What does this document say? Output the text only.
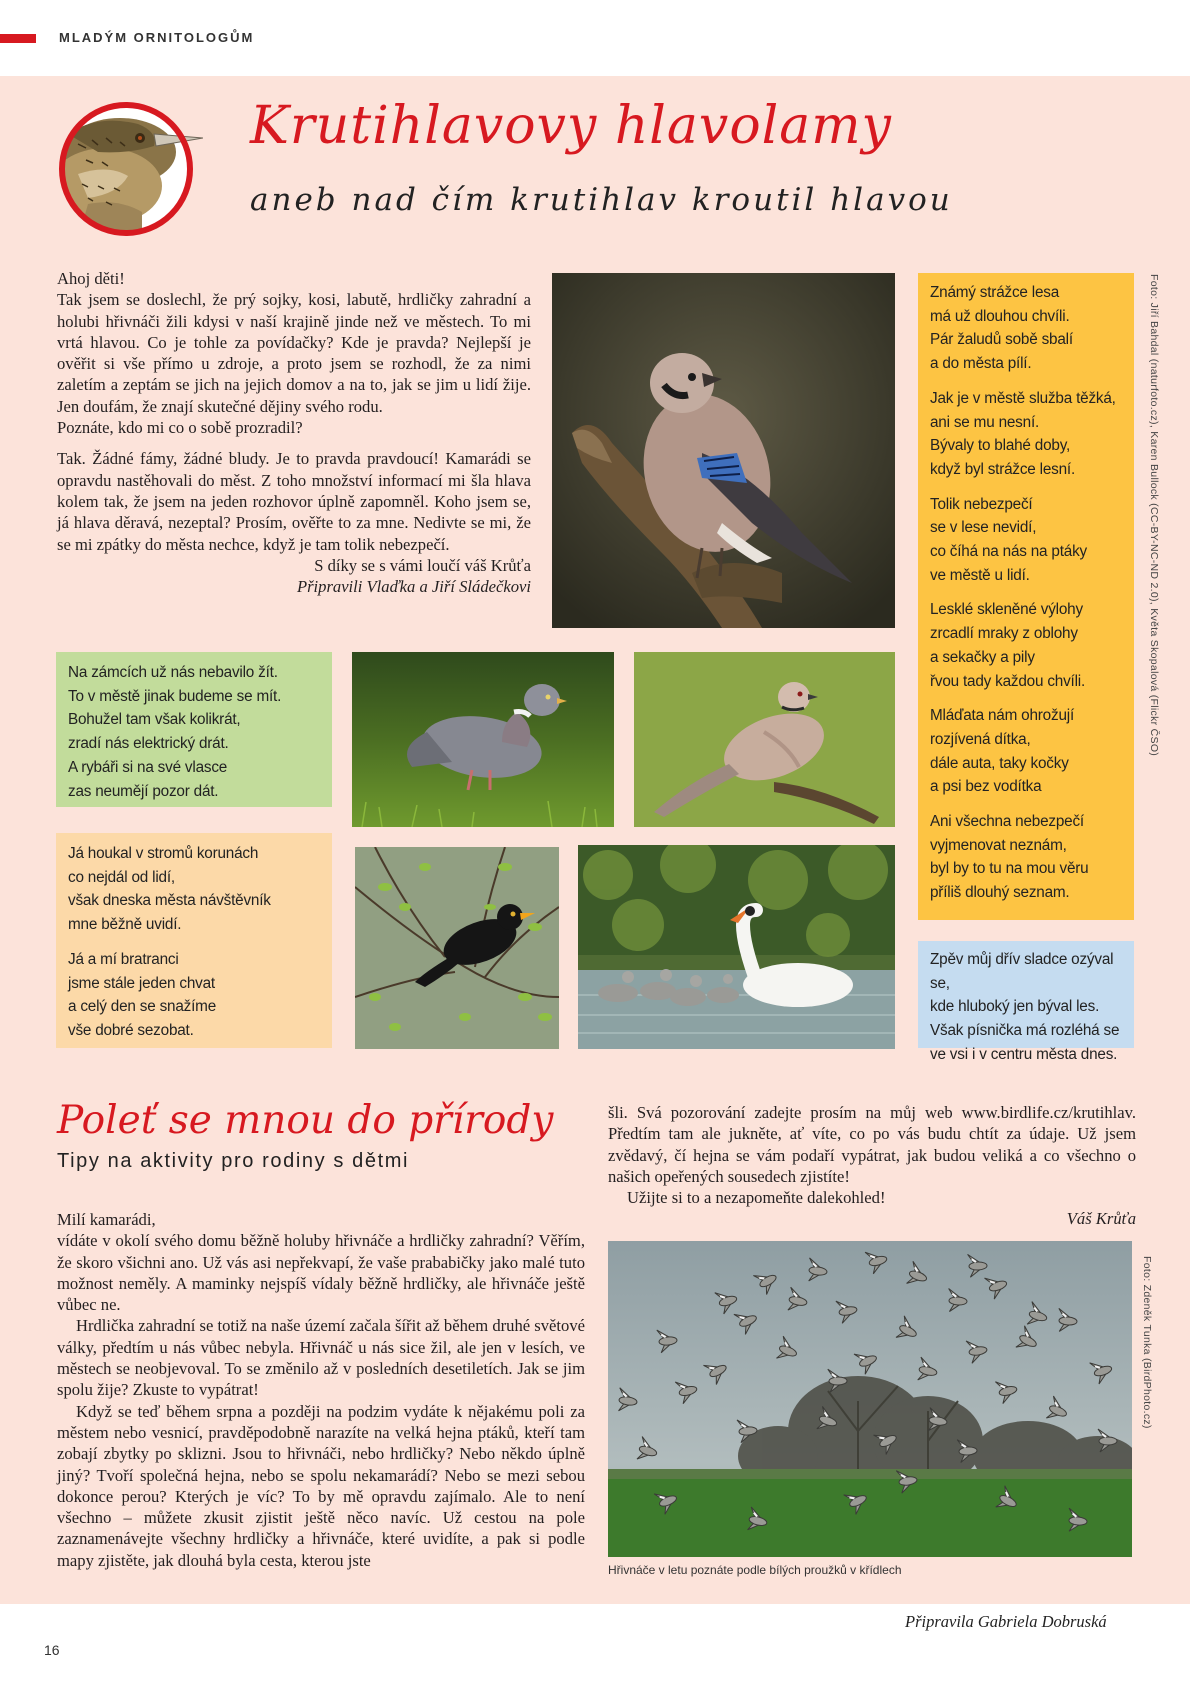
MLADÝM ORNITOLOGŮM
Krutihlavovy hlavolamy
aneb nad čím krutihlav kroutil hlavou

Ahoj děti!

Tak jsem se doslechl, že prý sojky, kosi, labutě, hrdličky zahradní a holubi hřivnáči žili kdysi v naší krajině jinde než ve městech. To mi vrtá hlavou. Co je tohle za povídačky? Kde je pravda? Nejlepší je ověřit si vše přímo u zdroje, a proto jsem se rozhodl, že za nimi zaletím a zeptám se jich na jejich domov a na to, jak se jim u lidí žije. Jen doufám, že znají skutečné dějiny svého rodu.

Poznáte, kdo mi co o sobě prozradil?

Tak. Žádné fámy, žádné bludy. Je to pravda pravdoucí! Kamarádi se opravdu nastěhovali do měst. Z toho množství informací mi šla hlava kolem tak, že jsem na jeden rozhovor úplně zapomněl. Koho jsem se, já hlava děravá, nezeptal? Prosím, ověřte to za mne. Nedivte se mi, že se mi zpátky do města nechce, když je tam tolik nebezpečí.

S díky se s vámi loučí váš Krůťa

Připravili Vlaďka a Jiří Sládečkovi

Známý strážce lesa
má už dlouhou chvíli.
Pár žaludů sobě sbalí
a do města pílí.

Jak je v městě služba těžká,
ani se mu nesní.
Bývaly to blahé doby,
když byl strážce lesní.

Tolik nebezpečí
se v lese nevidí,
co číhá na nás na ptáky
ve městě u lidí.

Lesklé skleněné výlohy
zrcadlí mraky z oblohy
a sekačky a pily
řvou tady každou chvíli.

Mláďata nám ohrožují
rozjívená dítka,
dále auta, taky kočky
a psi bez vodítka

Ani všechna nebezpečí
vyjmenovat neznám,
byl by to tu na mou věru
příliš dlouhý seznam.

Foto: Jiří Bahdal (naturfoto.cz), Karen Bullock (CC-BY-NC-ND 2.0), Květa Skopalová (Flickr ČSO)

Na zámcích už nás nebavilo žít.
To v městě jinak budeme se mít.
Bohužel tam však kolikrát,
zradí nás elektrický drát.
A rybáři si na své vlasce
zas neumějí pozor dát.

Já houkal v stromů korunách
co nejdál od lidí,
však dneska města návštěvník
mne běžně uvidí.

Já a mí bratranci
jsme stále jeden chvat
a celý den se snažíme
vše dobré sezobat.

Zpěv můj dřív sladce ozýval se,
kde hluboký jen býval les.
Však písnička má rozléhá se
ve vsi i v centru města dnes.

Poleť se mnou do přírody
Tipy na aktivity pro rodiny s dětmi

Milí kamarádi,

vídáte v okolí svého domu běžně holuby hřivnáče a hrdličky zahradní? Věřím, že skoro všichni ano. Už vás asi nepřekvapí, že vaše prababičky jako malé tuto možnost neměly. A maminky nejspíš vídaly běžně hrdličky, ale hřivnáče ještě vůbec ne.

Hrdlička zahradní se totiž na naše území začala šířit až během druhé světové války, předtím u nás vůbec nebyla. Hřivnáč u nás sice žil, ale jen v lesích, ve městech se neobjevoval. To se změnilo až v posledních desetiletích. Jak se jim spolu žije? Zkuste to vypátrat!

Když se teď během srpna a později na podzim vydáte k nějakému poli za městem nebo vesnicí, pravděpodobně narazíte na velká hejna ptáků, kteří tam zobají zbytky po sklizni. Jsou to hřivnáči, nebo hrdličky? Nebo někdo úplně jiný? Tvoří společná hejna, nebo se spolu nekamarádí? Nebo se mezi sebou dokonce perou? Kterých je víc? To by mě opravdu zajímalo. Ale to není všechno – můžete zkusit zjistit ještě něco navíc. Už cestou na pole zaznamenávejte všechny hrdličky a hřivnáče, které uvidíte, a pak si podle mapy zjistěte, jak dlouhá byla cesta, kterou jste

šli. Svá pozorování zadejte prosím na můj web www.birdlife.cz/krutihlav. Předtím tam ale jukněte, ať víte, co po vás budu chtít za údaje. Už jsem zvědavý, čí hejna se vám podaří vypátrat, jak budou veliká a co všechno o našich opeřených sousedech zjistíte!

Užijte si to a nezapomeňte dalekohled!

Váš Krůťa

Foto: Zdeněk Tunka (BirdPhoto.cz)
Hřivnáče v letu poznáte podle bílých proužků v křídlech
Připravila Gabriela Dobruská
16
